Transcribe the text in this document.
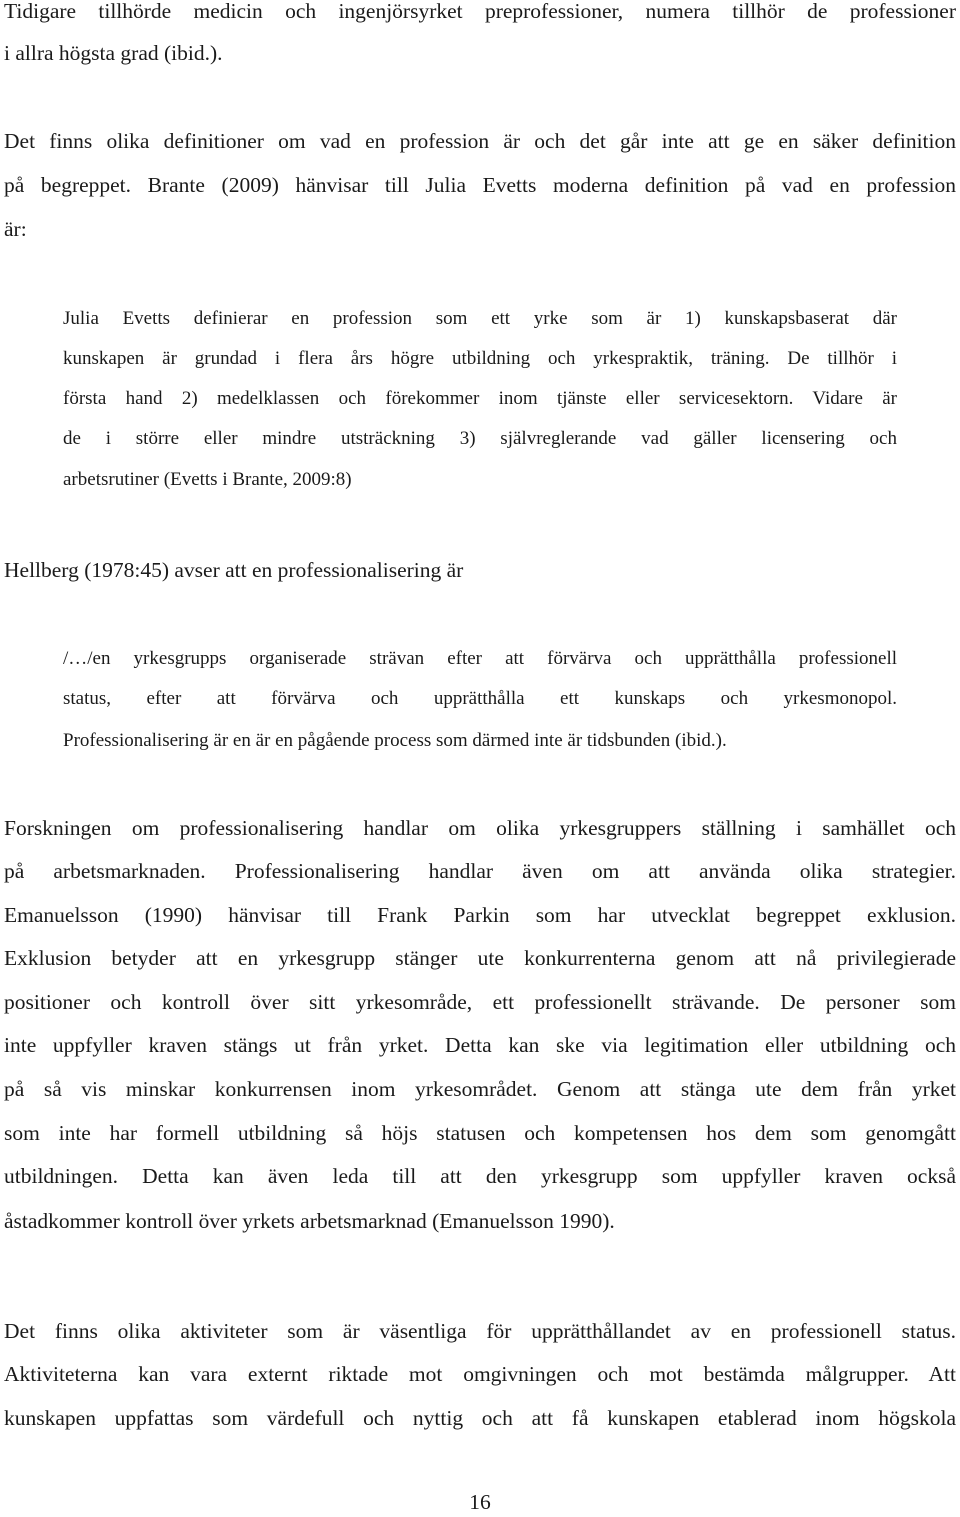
Tidigare tillhörde medicin och ingenjörsyrket preprofessioner, numera tillhör de professioner
i allra högsta grad (ibid.).
Det finns olika definitioner om vad en profession är och det går inte att ge en säker definition
på begreppet. Brante (2009) hänvisar till Julia Evetts moderna definition på vad en profession
är:
Julia Evetts definierar en profession som ett yrke som är 1) kunskapsbaserat där
kunskapen är grundad i flera års högre utbildning och yrkespraktik, träning. De tillhör i
första hand 2) medelklassen och förekommer inom tjänste eller servicesektorn. Vidare är
de i större eller mindre utsträckning 3) självreglerande vad gäller licensering och
arbetsrutiner (Evetts i Brante, 2009:8)
Hellberg (1978:45) avser att en professionalisering är
/…/en yrkesgrupps organiserade strävan efter att förvärva och upprätthålla professionell
status, efter att förvärva och upprätthålla ett kunskaps och yrkesmonopol.
Professionalisering är en är en pågående process som därmed inte är tidsbunden (ibid.).
Forskningen om professionalisering handlar om olika yrkesgruppers ställning i samhället och
på arbetsmarknaden. Professionalisering handlar även om att använda olika strategier.
Emanuelsson (1990) hänvisar till Frank Parkin som har utvecklat begreppet exklusion.
Exklusion betyder att en yrkesgrupp stänger ute konkurrenterna genom att nå privilegierade
positioner och kontroll över sitt yrkesområde, ett professionellt strävande. De personer som
inte uppfyller kraven stängs ut från yrket. Detta kan ske via legitimation eller utbildning och
på så vis minskar konkurrensen inom yrkesområdet. Genom att stänga ute dem från yrket
som inte har formell utbildning så höjs statusen och kompetensen hos dem som genomgått
utbildningen. Detta kan även leda till att den yrkesgrupp som uppfyller kraven också
åstadkommer kontroll över yrkets arbetsmarknad (Emanuelsson 1990).
Det finns olika aktiviteter som är väsentliga för upprätthållandet av en professionell status.
Aktiviteterna kan vara externt riktade mot omgivningen och mot bestämda målgrupper. Att
kunskapen uppfattas som värdefull och nyttig och att få kunskapen etablerad inom högskola
16
